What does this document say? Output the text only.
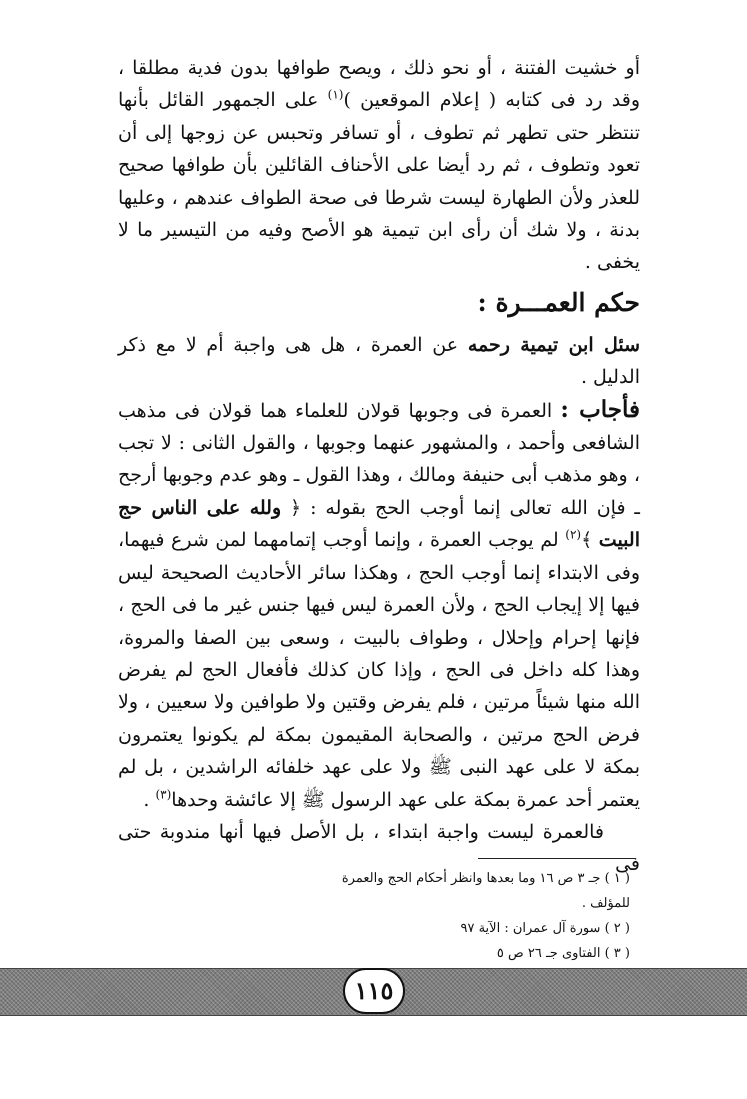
أو خشيت الفتنة ، أو نحو ذلك ، ويصح طوافها بدون فدية مطلقا ، وقد رد فى كتابه ( إعلام الموقعين )$^{(١)}$ على الجمهور القائل بأنها تنتظر حتى تطهر ثم تطوف ، أو تسافر وتحبس عن زوجها إلى أن تعود وتطوف ، ثم رد أيضا على الأحناف القائلين بأن طوافها صحيح للعذر ولأن الطهارة ليست شرطا فى صحة الطواف عندهم ، وعليها بدنة ، ولا شك أن رأى ابن تيمية هو الأصح وفيه من التيسير ما لا يخفى .

حكم العمـــرة :

سئل ابن تيمية رحمه عن العمرة ، هل هى واجبة أم لا مع ذكر الدليل .

فأجاب : العمرة فى وجوبها قولان للعلماء هما قولان فى مذهب الشافعى وأحمد ، والمشهور عنهما وجوبها ، والقول الثانى : لا تجب ، وهو مذهب أبى حنيفة ومالك ، وهذا القول ـ وهو عدم وجوبها أرجح ـ فإن الله تعالى إنما أوجب الحج بقوله : ﴿ ولله على الناس حج البيت ﴾$^{(٢)}$ لم يوجب العمرة ، وإنما أوجب إتمامهما لمن شرع فيهما، وفى الابتداء إنما أوجب الحج ، وهكذا سائر الأحاديث الصحيحة ليس فيها إلا إيجاب الحج ، ولأن العمرة ليس فيها جنس غير ما فى الحج ، فإنها إحرام وإحلال ، وطواف بالبيت ، وسعى بين الصفا والمروة، وهذا كله داخل فى الحج ، وإذا كان كذلك فأفعال الحج لم يفرض الله منها شيئاً مرتين ، فلم يفرض وقتين ولا طوافين ولا سعيين ، ولا فرض الحج مرتين ، والصحابة المقيمون بمكة لم يكونوا يعتمرون بمكة لا على عهد النبى ﷺ ولا على عهد خلفائه الراشدين ، بل لم يعتمر أحد عمرة بمكة على عهد الرسول ﷺ إلا عائشة وحدها$^{(٣)}$ .

فالعمرة ليست واجبة ابتداء ، بل الأصل فيها أنها مندوبة حتى فى

( ١ ) جـ ٣ ص ١٦ وما بعدها وانظر أحكام الحج والعمرة للمؤلف .
( ٢ ) سورة آل عمران : الآية ٩٧
( ٣ ) الفتاوى جـ ٢٦ ص ٥
١١٥
